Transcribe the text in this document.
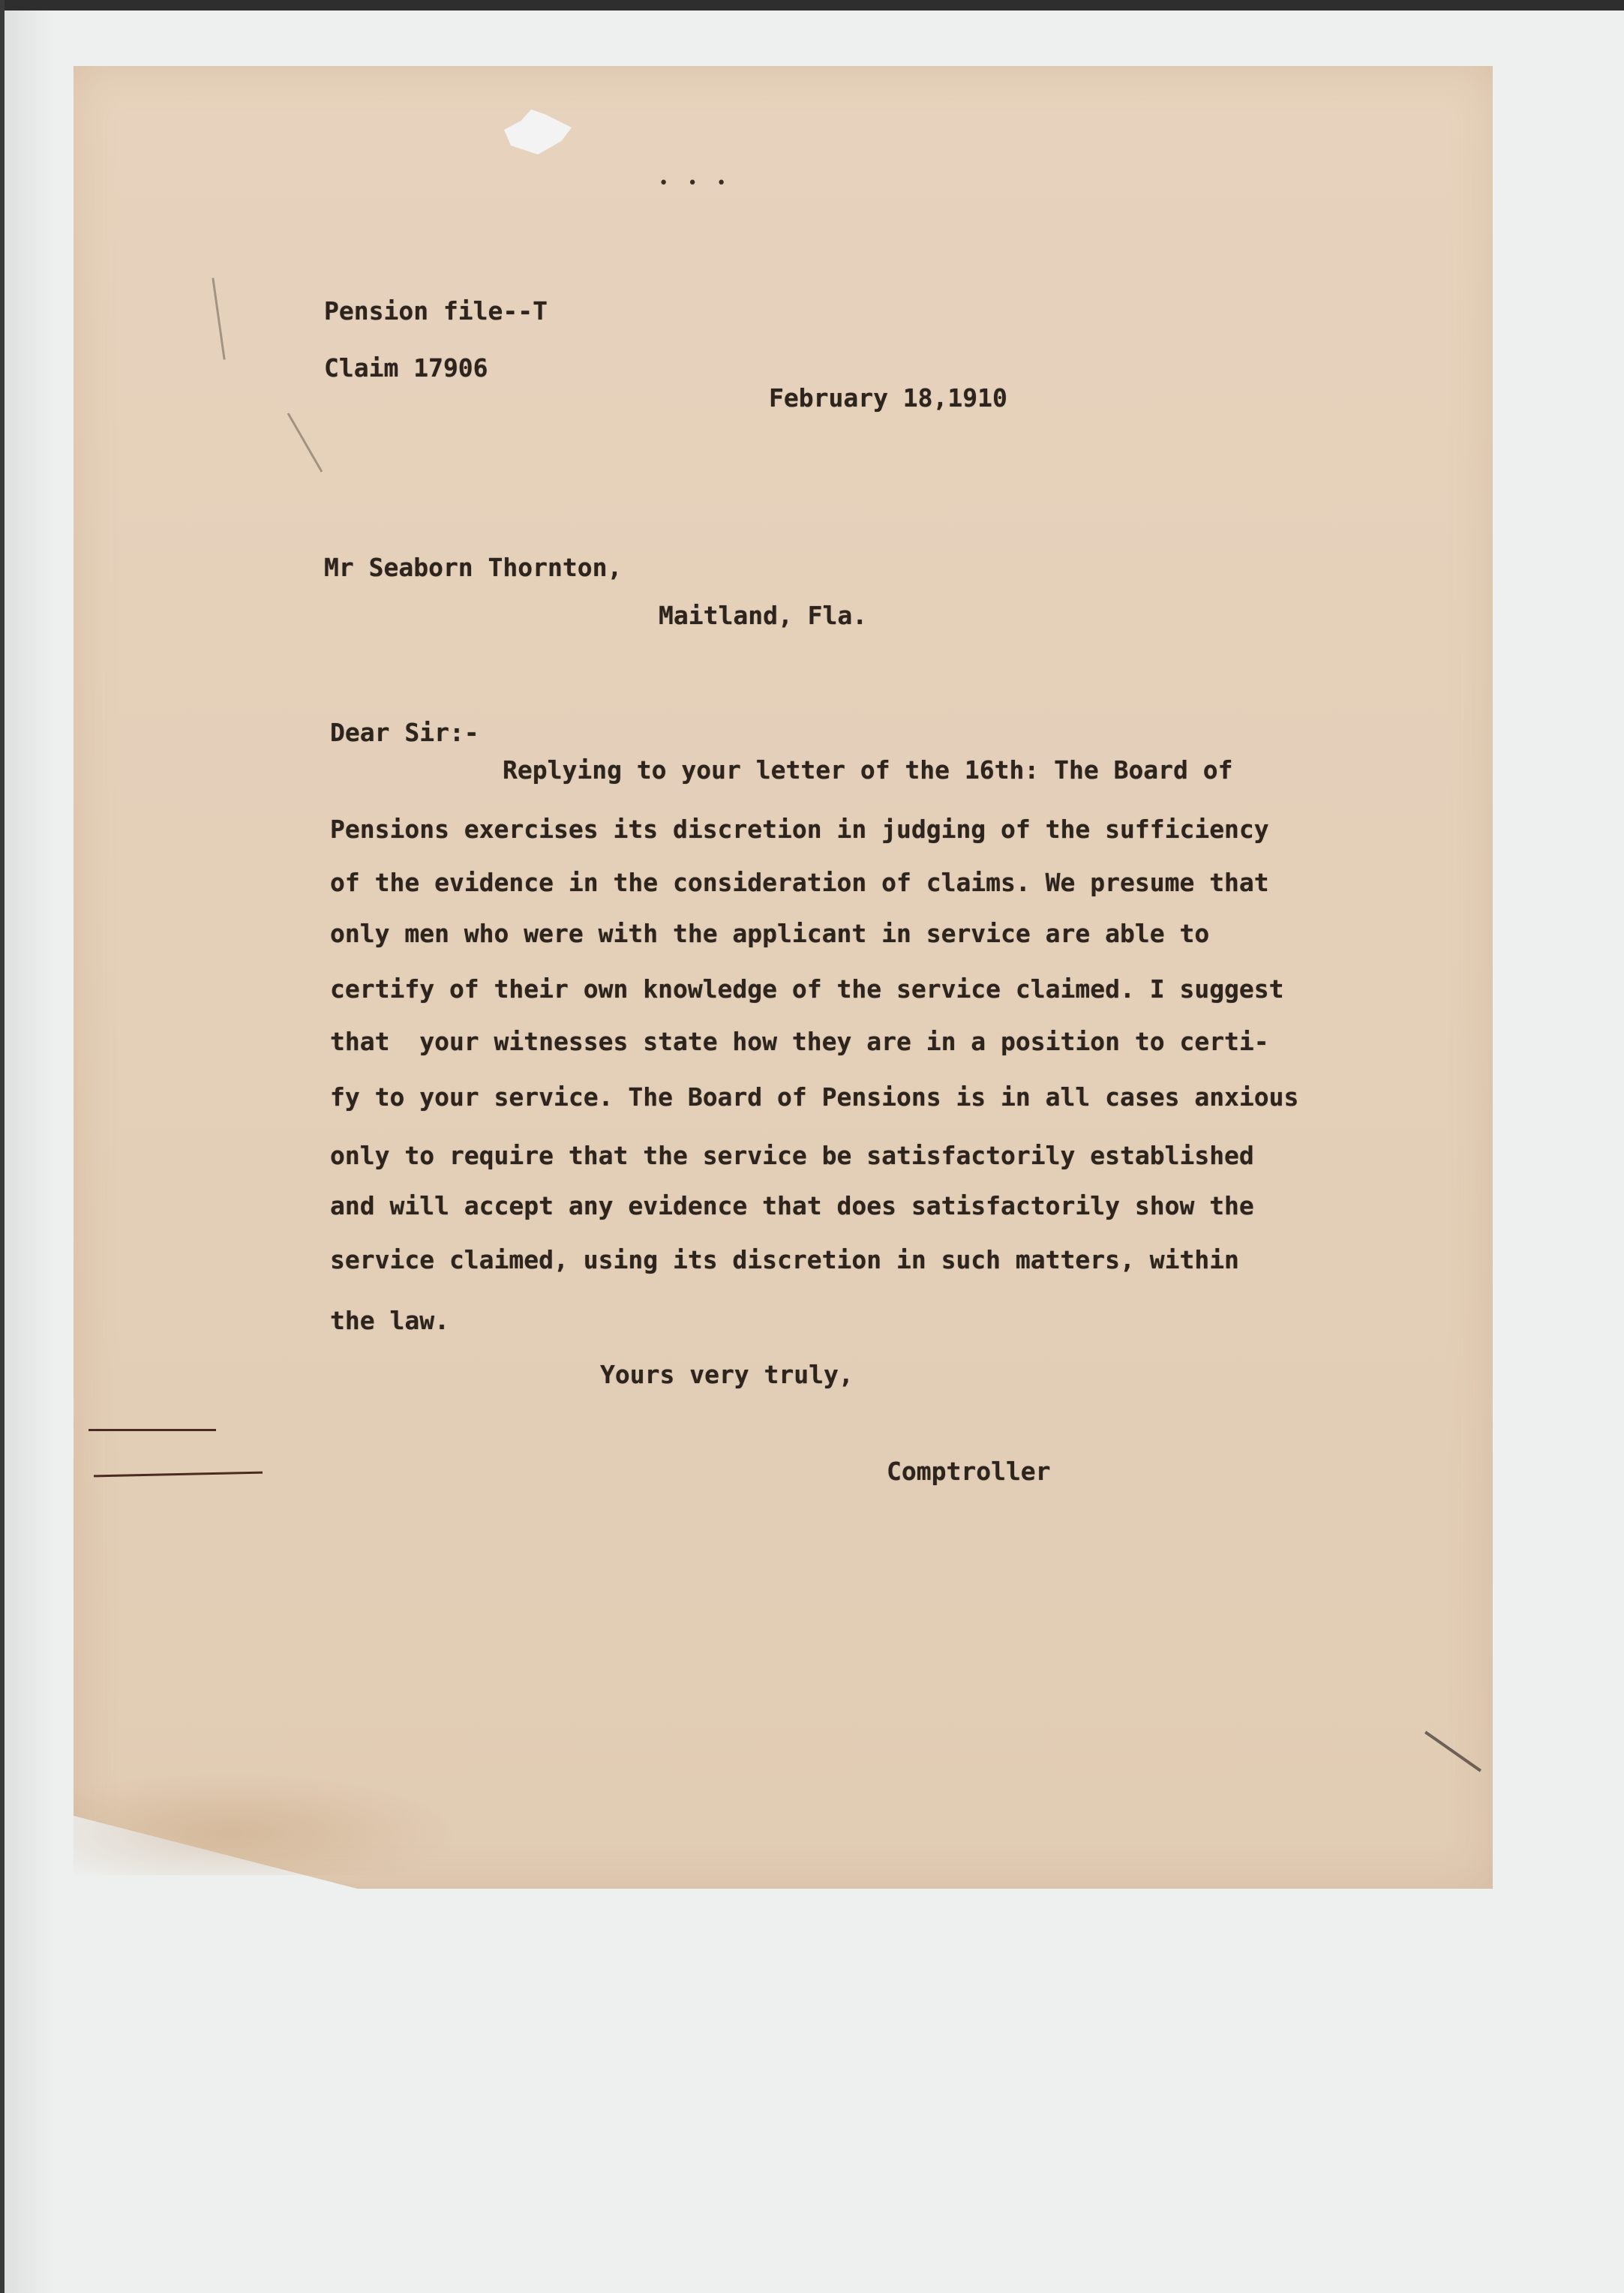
• • •
Pension file--T
Claim 17906
February 18,1910
Mr Seaborn Thornton,
Maitland, Fla.
Dear Sir:-
Replying to your letter of the 16th: The Board of
Pensions exercises its discretion in judging of the sufficiency
of the evidence in the consideration of claims. We presume that
only men who were with the applicant in service are able to
certify of their own knowledge of the service claimed. I suggest
that  your witnesses state how they are in a position to certi-
fy to your service. The Board of Pensions is in all cases anxious
only to require that the service be satisfactorily established
and will accept any evidence that does satisfactorily show the
service claimed, using its discretion in such matters, within
the law.
Yours very truly,
Comptroller
